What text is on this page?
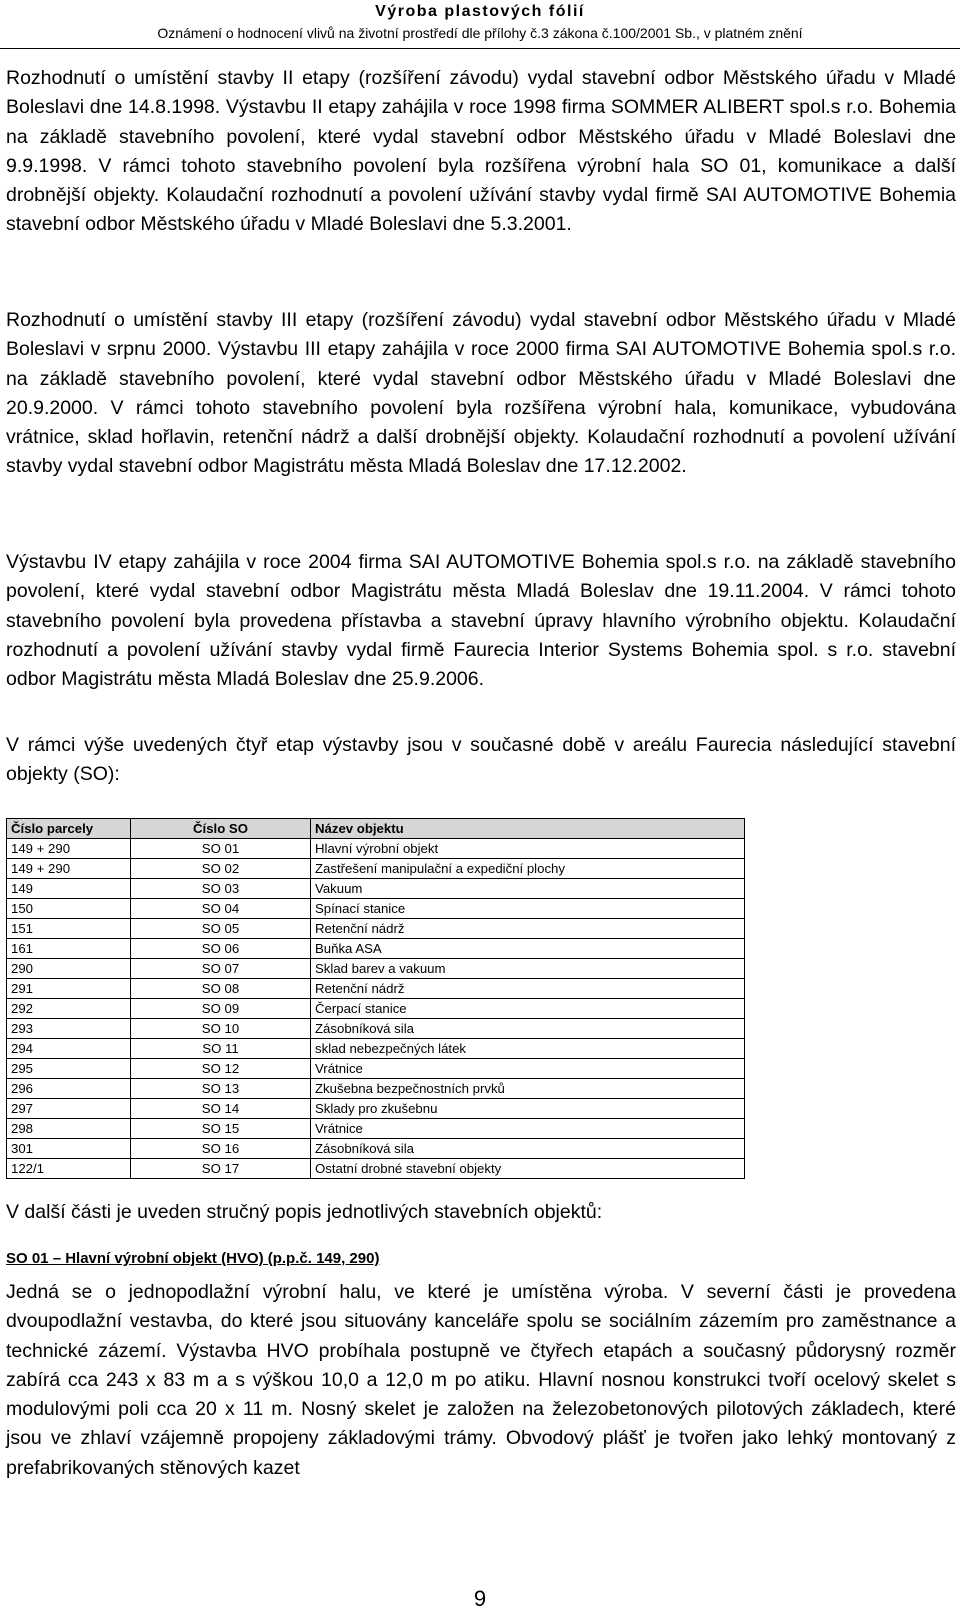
Výroba plastových fólií
Oznámení o hodnocení vlivů na životní prostředí dle přílohy č.3 zákona č.100/2001 Sb., v platném znění
Rozhodnutí o umístění stavby II etapy (rozšíření závodu) vydal stavební odbor Městského úřadu v Mladé Boleslavi dne 14.8.1998. Výstavbu II etapy zahájila v roce 1998 firma SOMMER ALIBERT spol.s r.o. Bohemia na základě stavebního povolení, které vydal stavební odbor Městského úřadu v Mladé Boleslavi dne 9.9.1998. V rámci tohoto stavebního povolení byla rozšířena výrobní hala SO 01, komunikace a další drobnější objekty. Kolaudační rozhodnutí a povolení užívání stavby vydal firmě SAI AUTOMOTIVE Bohemia stavební odbor Městského úřadu v Mladé Boleslavi dne 5.3.2001.
Rozhodnutí o umístění stavby III etapy (rozšíření závodu) vydal stavební odbor Městského úřadu v Mladé Boleslavi v srpnu 2000. Výstavbu III etapy zahájila v roce 2000 firma SAI AUTOMOTIVE Bohemia spol.s r.o. na základě stavebního povolení, které vydal stavební odbor Městského úřadu v Mladé Boleslavi dne 20.9.2000. V rámci tohoto stavebního povolení byla rozšířena výrobní hala, komunikace, vybudována vrátnice, sklad hořlavin, retenční nádrž a další drobnější objekty. Kolaudační rozhodnutí a povolení užívání stavby vydal stavební odbor Magistrátu města Mladá Boleslav dne 17.12.2002.
Výstavbu IV etapy zahájila v roce 2004 firma SAI AUTOMOTIVE Bohemia spol.s r.o. na základě stavebního povolení, které vydal stavební odbor Magistrátu města Mladá Boleslav dne 19.11.2004. V rámci tohoto stavebního povolení byla provedena přístavba a stavební úpravy hlavního výrobního objektu. Kolaudační rozhodnutí a povolení užívání stavby vydal firmě Faurecia Interior Systems Bohemia spol. s r.o. stavební odbor Magistrátu města Mladá Boleslav dne 25.9.2006.
V rámci výše uvedených čtyř etap výstavby jsou v současné době v areálu Faurecia následující stavební objekty (SO):
Číslo parcely	Číslo SO	Název objektu
149 + 290	SO 01	Hlavní výrobní objekt
149 + 290	SO 02	Zastřešení manipulační a expediční plochy
149	SO 03	Vakuum
150	SO 04	Spínací stanice
151	SO 05	Retenční nádrž
161	SO 06	Buňka ASA
290	SO 07	Sklad barev a vakuum
291	SO 08	Retenční nádrž
292	SO 09	Čerpací stanice
293	SO 10	Zásobníková sila
294	SO 11	sklad nebezpečných látek
295	SO 12	Vrátnice
296	SO 13	Zkušebna bezpečnostních prvků
297	SO 14	Sklady pro zkušebnu
298	SO 15	Vrátnice
301	SO 16	Zásobníková sila
122/1	SO 17	Ostatní drobné stavební objekty
V další části je uveden stručný popis jednotlivých stavebních objektů:
SO 01 – Hlavní výrobní objekt (HVO) (p.p.č. 149, 290)
Jedná se o jednopodlažní výrobní halu, ve které je umístěna výroba. V severní části je provedena dvoupodlažní vestavba, do které jsou situovány kanceláře spolu se sociálním zázemím pro zaměstnance a technické zázemí. Výstavba HVO probíhala postupně ve čtyřech etapách a současný půdorysný rozměr zabírá cca 243 x 83 m a s výškou 10,0 a 12,0 m po atiku. Hlavní nosnou konstrukci tvoří ocelový skelet s modulovými poli cca 20 x 11 m. Nosný skelet je založen na železobetonových pilotových základech, které jsou ve zhlaví vzájemně propojeny základovými trámy. Obvodový plášť je tvořen jako lehký montovaný z prefabrikovaných stěnových kazet
9
